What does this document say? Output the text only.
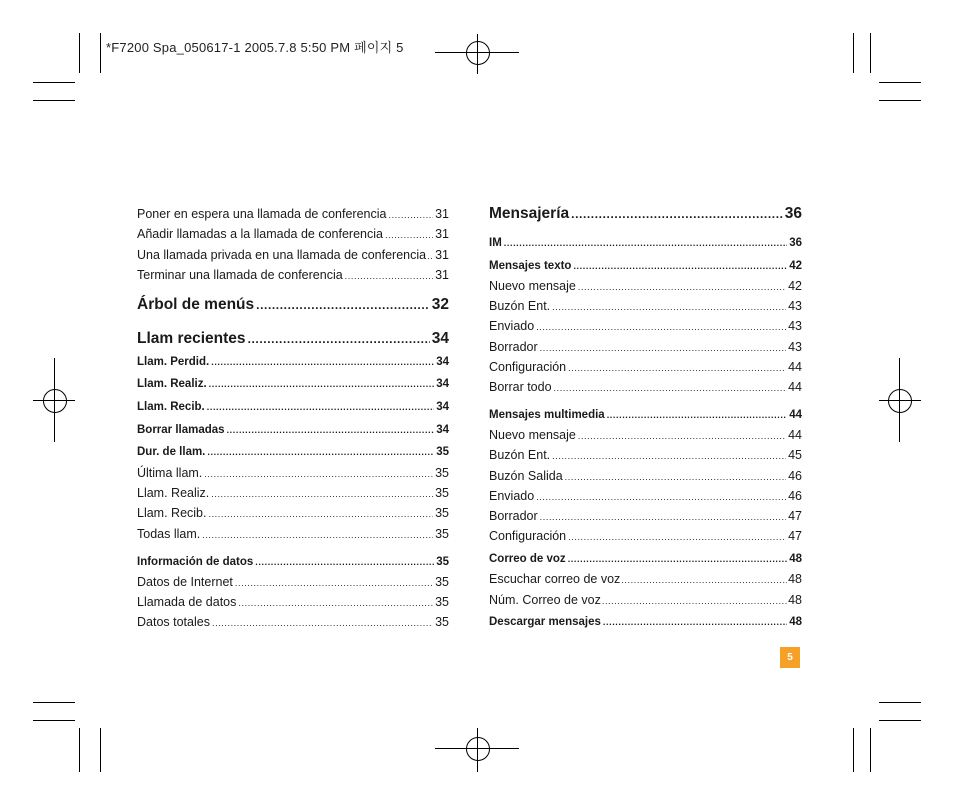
*F7200 Spa_050617-1 2005.7.8 5:50 PM 페이지 5
Poner en espera una llamada de conferencia .....	31
Añadir llamadas a la llamada de conferencia .....	31
Una llamada privada en una llamada de conferencia ..... 31
Terminar una llamada de conferencia .....	31
Árbol de menús .....	32
Llam recientes .....	34
Llam. Perdid. .....	34
Llam. Realiz. .....	34
Llam. Recib. .....	34
Borrar llamadas .....	34
Dur. de llam. .....	35
Última llam. .....	35
Llam. Realiz. .....	35
Llam. Recib. .....	35
Todas llam. .....	35
Información de datos .....	35
Datos de Internet .....	35
Llamada de datos .....	35
Datos totales .....	35
Mensajería .....	36
IM .....	36
Mensajes texto .....	42
Nuevo mensaje .....	42
Buzón Ent. .....	43
Enviado .....	43
Borrador .....	43
Configuración .....	44
Borrar todo .....	44
Mensajes multimedia .....	44
Nuevo mensaje .....	44
Buzón Ent. .....	45
Buzón Salida .....	46
Enviado .....	46
Borrador .....	47
Configuración .....	47
Correo de voz .....	48
Escuchar correo de voz .....	48
Núm. Correo de voz .....	48
Descargar mensajes .....	48
5
